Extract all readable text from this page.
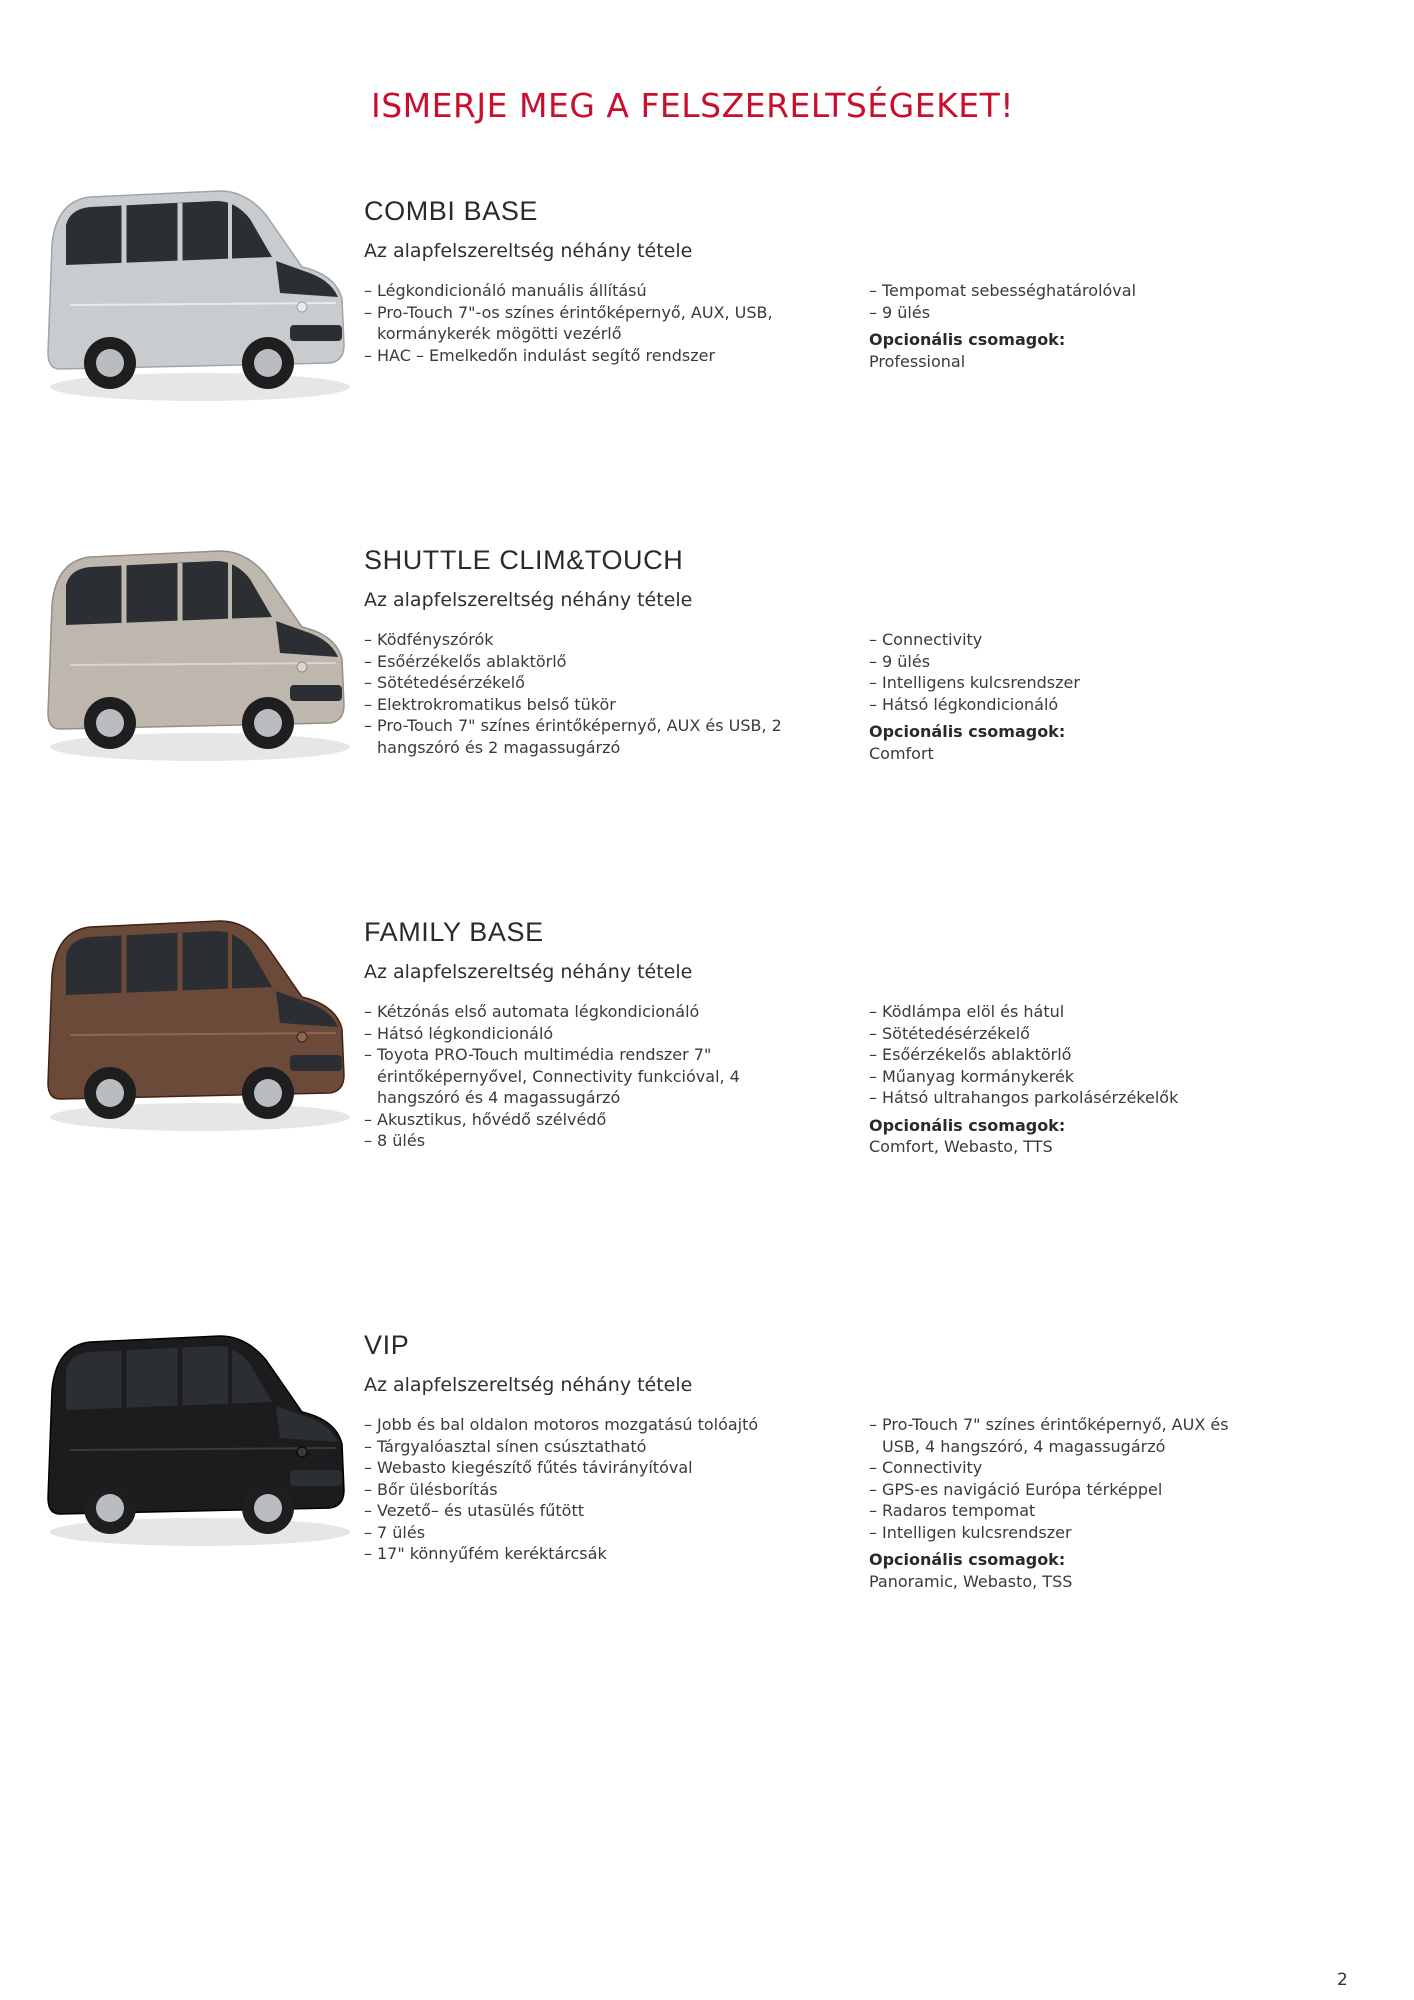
ISMERJE MEG A FELSZERELTSÉGEKET!
COMBI BASE
Az alapfelszereltség néhány tétele
– Légkondicionáló manuális állítású
– Pro-Touch 7"-os színes érintőképernyő, AUX, USB, kormánykerék mögötti vezérlő
– HAC – Emelkedőn indulást segítő rendszer
– Tempomat sebességhatárolóval
– 9 ülés
Opcionális csomagok:
Professional
SHUTTLE CLIM&TOUCH
Az alapfelszereltség néhány tétele
– Ködfényszórók
– Esőérzékelős ablaktörlő
– Sötétedésérzékelő
– Elektrokromatikus belső tükör
– Pro-Touch 7" színes érintőképernyő, AUX és USB, 2 hangszóró és 2 magassugárzó
– Connectivity
– 9 ülés
– Intelligens kulcsrendszer
– Hátsó légkondicionáló
Opcionális csomagok:
Comfort
FAMILY BASE
Az alapfelszereltség néhány tétele
– Kétzónás első automata légkondicionáló
– Hátsó légkondicionáló
– Toyota PRO-Touch multimédia rendszer 7" érintőképernyővel, Connectivity funkcióval, 4 hangszóró és 4 magassugárzó
– Akusztikus, hővédő szélvédő
– 8 ülés
– Ködlámpa elöl és hátul
– Sötétedésérzékelő
– Esőérzékelős ablaktörlő
– Műanyag kormánykerék
– Hátsó ultrahangos parkolásérzékelők
Opcionális csomagok:
Comfort, Webasto, TTS
VIP
Az alapfelszereltség néhány tétele
– Jobb és bal oldalon motoros mozgatású tolóajtó
– Tárgyalóasztal sínen csúsztatható
– Webasto kiegészítő fűtés távirányítóval
– Bőr ülésborítás
– Vezető– és utasülés fűtött
– 7 ülés
– 17" könnyűfém keréktárcsák
– Pro-Touch 7" színes érintőképernyő, AUX és USB, 4 hangszóró, 4 magassugárzó
– Connectivity
– GPS-es navigáció Európa térképpel
– Radaros tempomat
– Intelligen kulcsrendszer
Opcionális csomagok:
Panoramic, Webasto, TSS
2
